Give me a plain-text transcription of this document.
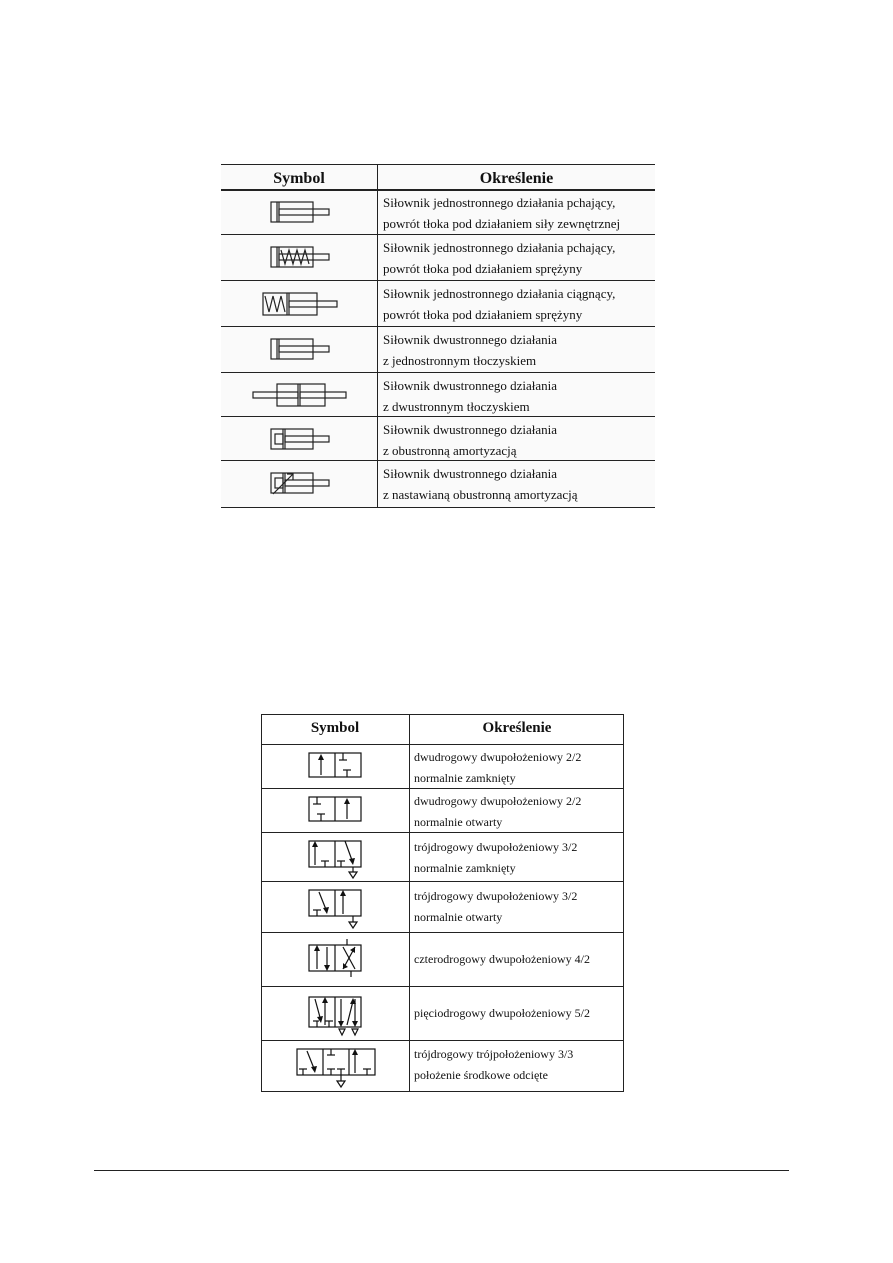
Symbol	Określenie
Siłownik jednostronnego działania pchający,
powrót tłoka pod działaniem siły zewnętrznej
Siłownik jednostronnego działania pchający,
powrót tłoka pod działaniem sprężyny
Siłownik jednostronnego działania ciągnący,
powrót tłoka pod działaniem sprężyny
Siłownik dwustronnego działania
z jednostronnym tłoczyskiem
Siłownik dwustronnego działania
z dwustronnym tłoczyskiem
Siłownik dwustronnego działania
z obustronną amortyzacją
Siłownik dwustronnego działania
z nastawianą obustronną amortyzacją
Symbol	Określenie
dwudrogowy dwupołożeniowy 2/2
normalnie zamknięty
dwudrogowy dwupołożeniowy 2/2
normalnie otwarty
trójdrogowy dwupołożeniowy 3/2
normalnie zamknięty
trójdrogowy dwupołożeniowy 3/2
normalnie otwarty
czterodrogowy dwupołożeniowy 4/2
pięciodrogowy dwupołożeniowy 5/2
trójdrogowy trójpołożeniowy 3/3
położenie środkowe odcięte
